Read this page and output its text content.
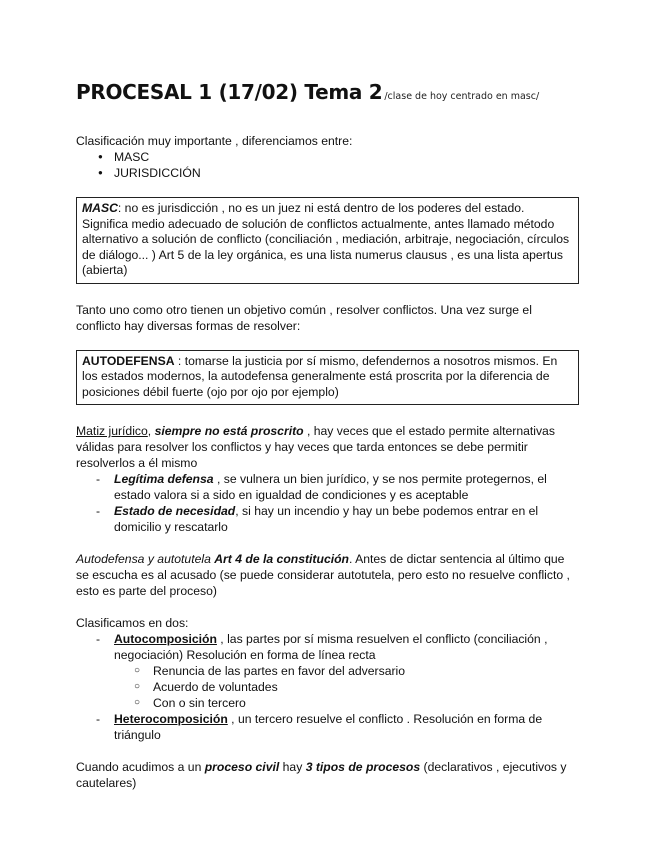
PROCESAL 1 (17/02) Tema 2 /clase de hoy centrado en masc/

Clasificación muy importante , diferenciamos entre:

● MASC
● JURISDICCIÓN
MASC: no es jurisdicción , no es un juez ni está dentro de los poderes del estado. Significa medio adecuado de solución de conflictos actualmente, antes llamado método alternativo a solución de conflicto (conciliación , mediación, arbitraje, negociación, círculos de diálogo... ) Art 5 de la ley orgánica, es una lista numerus clausus , es una lista apertus (abierta)

Tanto uno como otro tienen un objetivo común , resolver conflictos. Una vez surge el conflicto hay diversas formas de resolver:

AUTODEFENSA : tomarse la justicia por sí mismo, defendernos a nosotros mismos. En los estados modernos, la autodefensa generalmente está proscrita por la diferencia de posiciones débil fuerte (ojo por ojo por ejemplo)

Matiz jurídico, siempre no está proscrito , hay veces que el estado permite alternativas válidas para resolver los conflictos y hay veces que tarda entonces se debe permitir resolverlos a él mismo

- Legítima defensa , se vulnera un bien jurídico, y se nos permite protegernos, el estado valora si a sido en igualdad de condiciones y es aceptable
- Estado de necesidad, si hay un incendio y hay un bebe podemos entrar en el domicilio y rescatarlo

Autodefensa y autotutela Art 4 de la constitución. Antes de dictar sentencia al último que se escucha es al acusado (se puede considerar autotutela, pero esto no resuelve conflicto , esto es parte del proceso)

Clasificamos en dos:

- Autocomposición , las partes por sí misma resuelven el conflicto (conciliación , negociación) Resolución en forma de línea recta
○ Renuncia de las partes en favor del adversario
○ Acuerdo de voluntades
○ Con o sin tercero
- Heterocomposición , un tercero resuelve el conflicto . Resolución en forma de triángulo

Cuando acudimos a un proceso civil hay 3 tipos de procesos (declarativos , ejecutivos y cautelares)
